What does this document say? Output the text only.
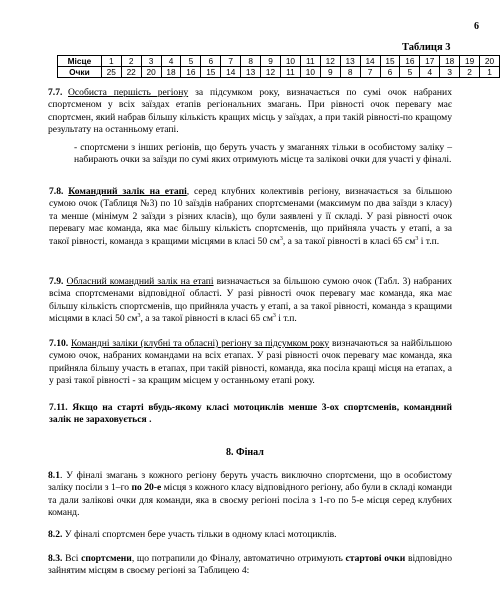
6
Таблиця 3
Місце	1	2	3	4	5	6	7	8	9	10	11	12	13	14	15	16	17	18	19	20
Очки	25	22	20	18	16	15	14	13	12	11	10	9	8	7	6	5	4	3	2	1
7.7. Особиста першість регіону за підсумком року, визначається по сумі очок набраних спортсменом у всіх заїздах етапів регіональних змагань. При рівності очок перевагу має спортсмен, який набрав більшу кількість кращих місць у заїздах, а при такій рівності-по кращому результату на останньому етапі.
- спортсмени з інших регіонів, що беруть участь у змаганнях тільки в особистому заліку – набирають очки за заїзди по сумі яких отримують місце та залікові очки для участі у фіналі.
7.8. Командний залік на етапі, серед клубних колективів регіону, визначається за більшою сумою очок (Таблиця №3) по 10 заїздів набраних спортсменами (максимум по два заїзди з класу) та менше (мінімум 2 заїзди з різних класів), що були заявлені у її складі. У разі рівності очок перевагу має команда, яка має більшу кількість спортсменів, що прийняла участь у етапі, а за такої рівності, команда з кращими місцями в класі 50 $см^3$, а за такої рівності в класі 65 $см^3$ і т.п.
7.9. Обласний командний залік на етапі визначається за більшою сумою очок (Табл. 3) набраних всіма спортсменами відповідної області. У разі рівності очок перевагу має команда, яка має більшу кількість спортсменів, що прийняла участь у етапі, а за такої рівності, команда з кращими місцями в класі 50 $см^3$, а за такої рівності в класі 65 $см^3$ і т.п.
7.10. Командні залiки (клубні та обласні) регіону за підсумком року визначаються за найбільшою сумою очок, набраних командами на всіх етапах. У разі рівності очок перевагу має команда, яка прийняла більшу участь в етапах, при такій рівності, команда, яка посіла кращі місця на етапах, а у разі такої рівності - за кращим місцем у останньому етапі року.
7.11. Якщо на старті вбудь-якому класі мотоциклів менше 3-ох спортсменів, командний залік не зараховується .
8. Фінал
8.1. У фіналі змагань з кожного регіону беруть участь виключно спортсмени, що в особистому заліку посіли з 1–го по 20-е місця з кожного класу відповідного регіону, або були в складі команди та дали залікові очки для команди, яка в своєму регіоні посіла з 1-го по 5-е місця серед клубних команд.
8.2. У фіналі спортсмен бере участь тільки в одному класі мотоциклів.
8.3. Всі спортсмени, що потрапили до Фіналу, автоматично отримують стартові очки відповідно зайнятим місцям в своєму регіоні за Таблицею 4:
